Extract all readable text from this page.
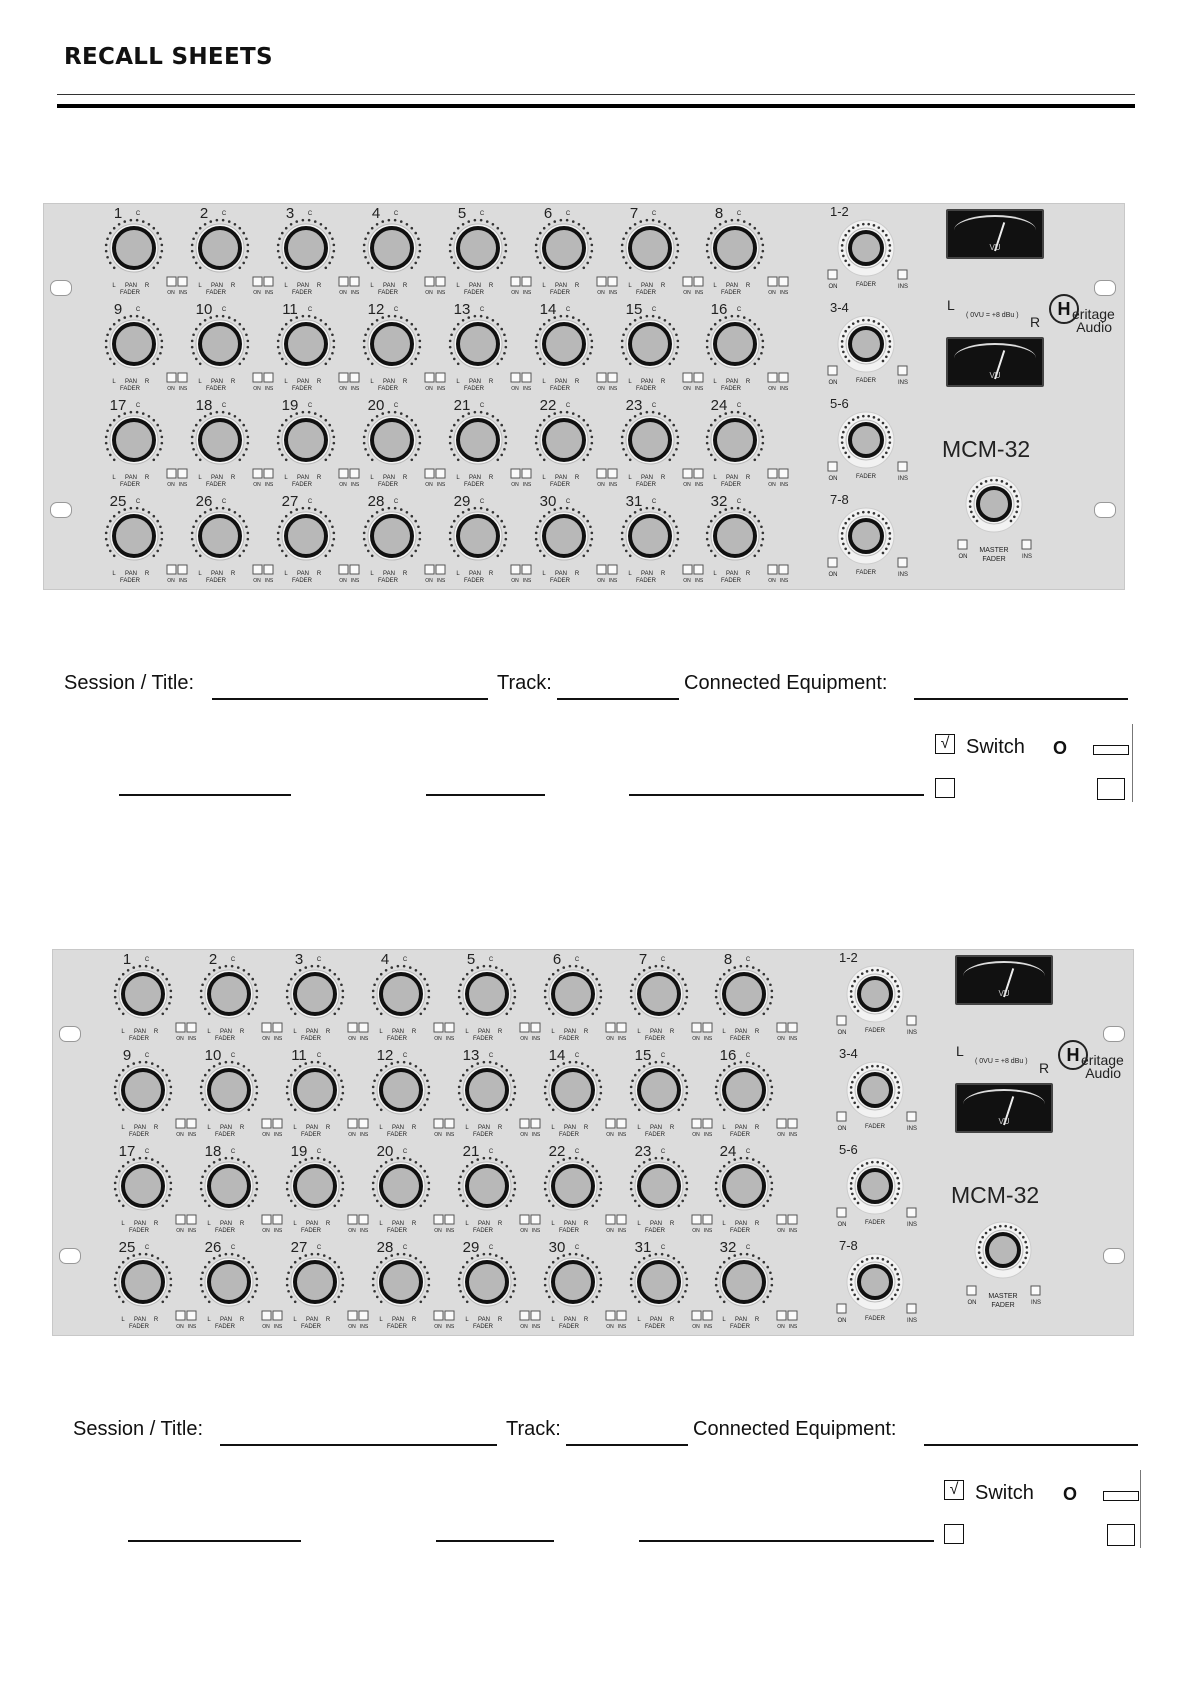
RECALL SHEETS
1 C
L PAN R
FADER	ON INS
2 C
L PAN R
FADER	ON INS
3 C
L PAN R
FADER	ON INS
4 C
L PAN R
FADER	ON INS
5 C
L PAN R
FADER	ON INS
6 C
L PAN R
FADER	ON INS
7 C
L PAN R
FADER	ON INS
8 C
L PAN R
FADER	ON INS
9 C
L PAN R
FADER	ON INS
10 C
L PAN R
FADER	ON INS
11 C
L PAN R
FADER	ON INS
12 C
L PAN R
FADER	ON INS
13 C
L PAN R
FADER	ON INS
14 C
L PAN R
FADER	ON INS
15 C
L PAN R
FADER	ON INS
16 C
L PAN R
FADER	ON INS
17 C
L PAN R
FADER	ON INS
18 C
L PAN R
FADER	ON INS
19 C
L PAN R
FADER	ON INS
20 C
L PAN R
FADER	ON INS
21 C
L PAN R
FADER	ON INS
22 C
L PAN R
FADER	ON INS
23 C
L PAN R
FADER	ON INS
24 C
L PAN R
FADER	ON INS
25 C
L PAN R
FADER	ON INS
26 C
L PAN R
FADER	ON INS
27 C
L PAN R
FADER	ON INS
28 C
L PAN R
FADER	ON INS
29 C
L PAN R
FADER	ON INS
30 C
L PAN R
FADER	ON INS
31 C
L PAN R
FADER	ON INS
32 C
L PAN R
FADER	ON INS
1-2
ON	FADER	INS
3-4
ON	FADER	INS
5-6
ON	FADER	INS
7-8
ON	FADER	INS
ON
MASTER
FADER	INS
VU
VU
L
( 0VU = +8 dBu ) R
H eritage
Audio
MCM-32
Session / Title:	Track:	Connected Equipment:
√ Switch O
1 C
L PAN R
FADER	ON INS
2 C
L PAN R
FADER	ON INS
3 C
L PAN R
FADER	ON INS
4 C
L PAN R
FADER	ON INS
5 C
L PAN R
FADER	ON INS
6 C
L PAN R
FADER	ON INS
7 C
L PAN R
FADER	ON INS
8 C
L PAN R
FADER	ON INS
9 C
L PAN R
FADER	ON INS
10 C
L PAN R
FADER	ON INS
11 C
L PAN R
FADER	ON INS
12 C
L PAN R
FADER	ON INS
13 C
L PAN R
FADER	ON INS
14 C
L PAN R
FADER	ON INS
15 C
L PAN R
FADER	ON INS
16 C
L PAN R
FADER	ON INS
17 C
L PAN R
FADER	ON INS
18 C
L PAN R
FADER	ON INS
19 C
L PAN R
FADER	ON INS
20 C
L PAN R
FADER	ON INS
21 C
L PAN R
FADER	ON INS
22 C
L PAN R
FADER	ON INS
23 C
L PAN R
FADER	ON INS
24 C
L PAN R
FADER	ON INS
25 C
L PAN R
FADER	ON INS
26 C
L PAN R
FADER	ON INS
27 C
L PAN R
FADER	ON INS
28 C
L PAN R
FADER	ON INS
29 C
L PAN R
FADER	ON INS
30 C
L PAN R
FADER	ON INS
31 C
L PAN R
FADER	ON INS
32 C
L PAN R
FADER	ON INS
1-2
ON	FADER	INS
3-4
ON	FADER	INS
5-6
ON	FADER	INS
7-8
ON	FADER	INS
ON
MASTER
FADER	INS
VU
VU
L
( 0VU = +8 dBu ) R
H eritage
Audio
MCM-32
Session / Title:	Track:	Connected Equipment:
√ Switch O
